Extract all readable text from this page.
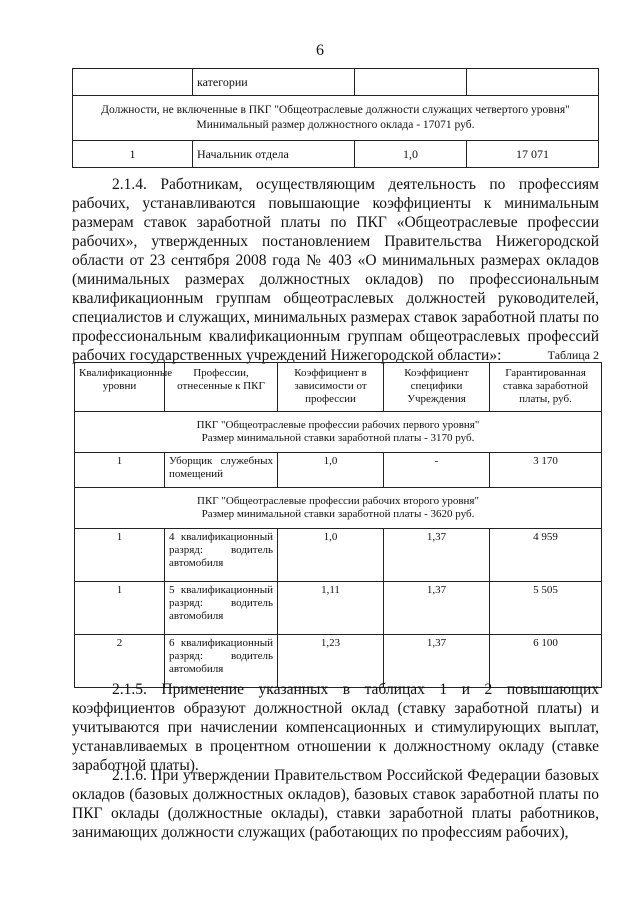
6
	категории		

Должности, не включенные в ПКГ "Общеотраслевые должности служащих четвертого уровня"
Минимальный размер должностного оклада - 17071 руб.			

1	Начальник отдела	1,0	17 071

2.1.4. Работникам, осуществляющим деятельность по профессиям рабочих, устанавливаются повышающие коэффициенты к минимальным размерам ставок заработной платы по ПКГ «Общеотраслевые профессии рабочих», утвержденных постановлением Правительства Нижегородской области от 23 сентября 2008 года № 403 «О минимальных размерах окладов (минимальных размерах должностных окладов) по профессиональным квалификационным группам общеотраслевых должностей руководителей, специалистов и служащих, минимальных размерах ставок заработной платы по профессиональным квалификационным группам общеотраслевых профессий рабочих государственных учреждений Нижегородской области»:	Таблица 2
Квалификационные уровни	Профессии, отнесенные к ПКГ	Коэффициент в зависимости от профессии	Коэффициент специфики Учреждения	Гарантированная ставка заработной платы, руб.

ПКГ "Общеотраслевые профессии рабочих первого уровня"
Размер минимальной ставки заработной платы - 3170 руб.				

1	Уборщик служебных помещений	1,0	-	3 170

ПКГ "Общеотраслевые профессии рабочих второго уровня"
Размер минимальной ставки заработной платы - 3620 руб.				

1	4 квалификационный разряд: водитель автомобиля	1,0	1,37	4 959
1	5 квалификационный разряд: водитель автомобиля	1,11	1,37	5 505
2	6 квалификационный разряд: водитель автомобиля	1,23	1,37	6 100

2.1.5. Применение указанных в таблицах 1 и 2 повышающих коэффициентов образуют должностной оклад (ставку заработной платы) и учитываются при начислении компенсационных и стимулирующих выплат, устанавливаемых в процентном отношении к должностному окладу (ставке заработной платы).

2.1.6. При утверждении Правительством Российской Федерации базовых окладов (базовых должностных окладов), базовых ставок заработной платы по ПКГ оклады (должностные оклады), ставки заработной платы работников, занимающих должности служащих (работающих по профессиям рабочих),
